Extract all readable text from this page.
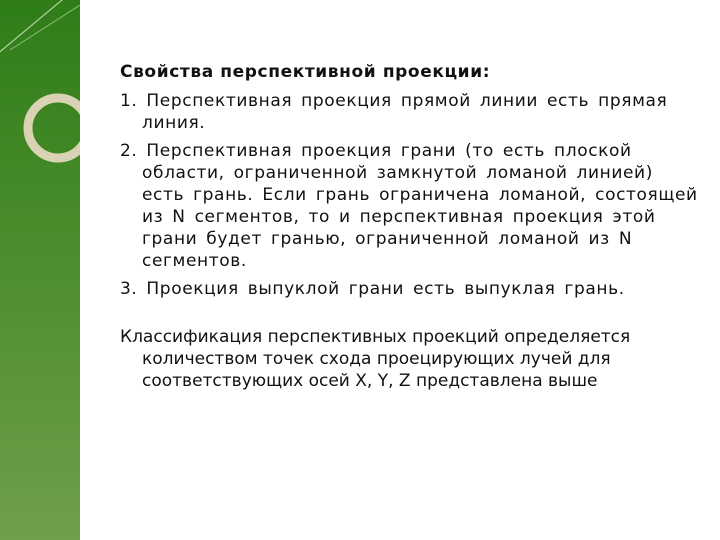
Свойства перспективной проекции:

1. Перспективная проекция прямой линии есть прямая линия.

2. Перспективная проекция грани (то есть плоской области, ограниченной замкнутой ломаной линией) есть грань. Если грань ограничена ломаной, состоящей из N сегментов, то и перспективная проекция этой грани будет гранью, ограниченной ломаной из N сегментов.

3. Проекция выпуклой грани есть выпуклая грань.

Классификация перспективных проекций определяется количеством точек схода проецирующих лучей для соответствующих осей X, Y, Z представлена выше
